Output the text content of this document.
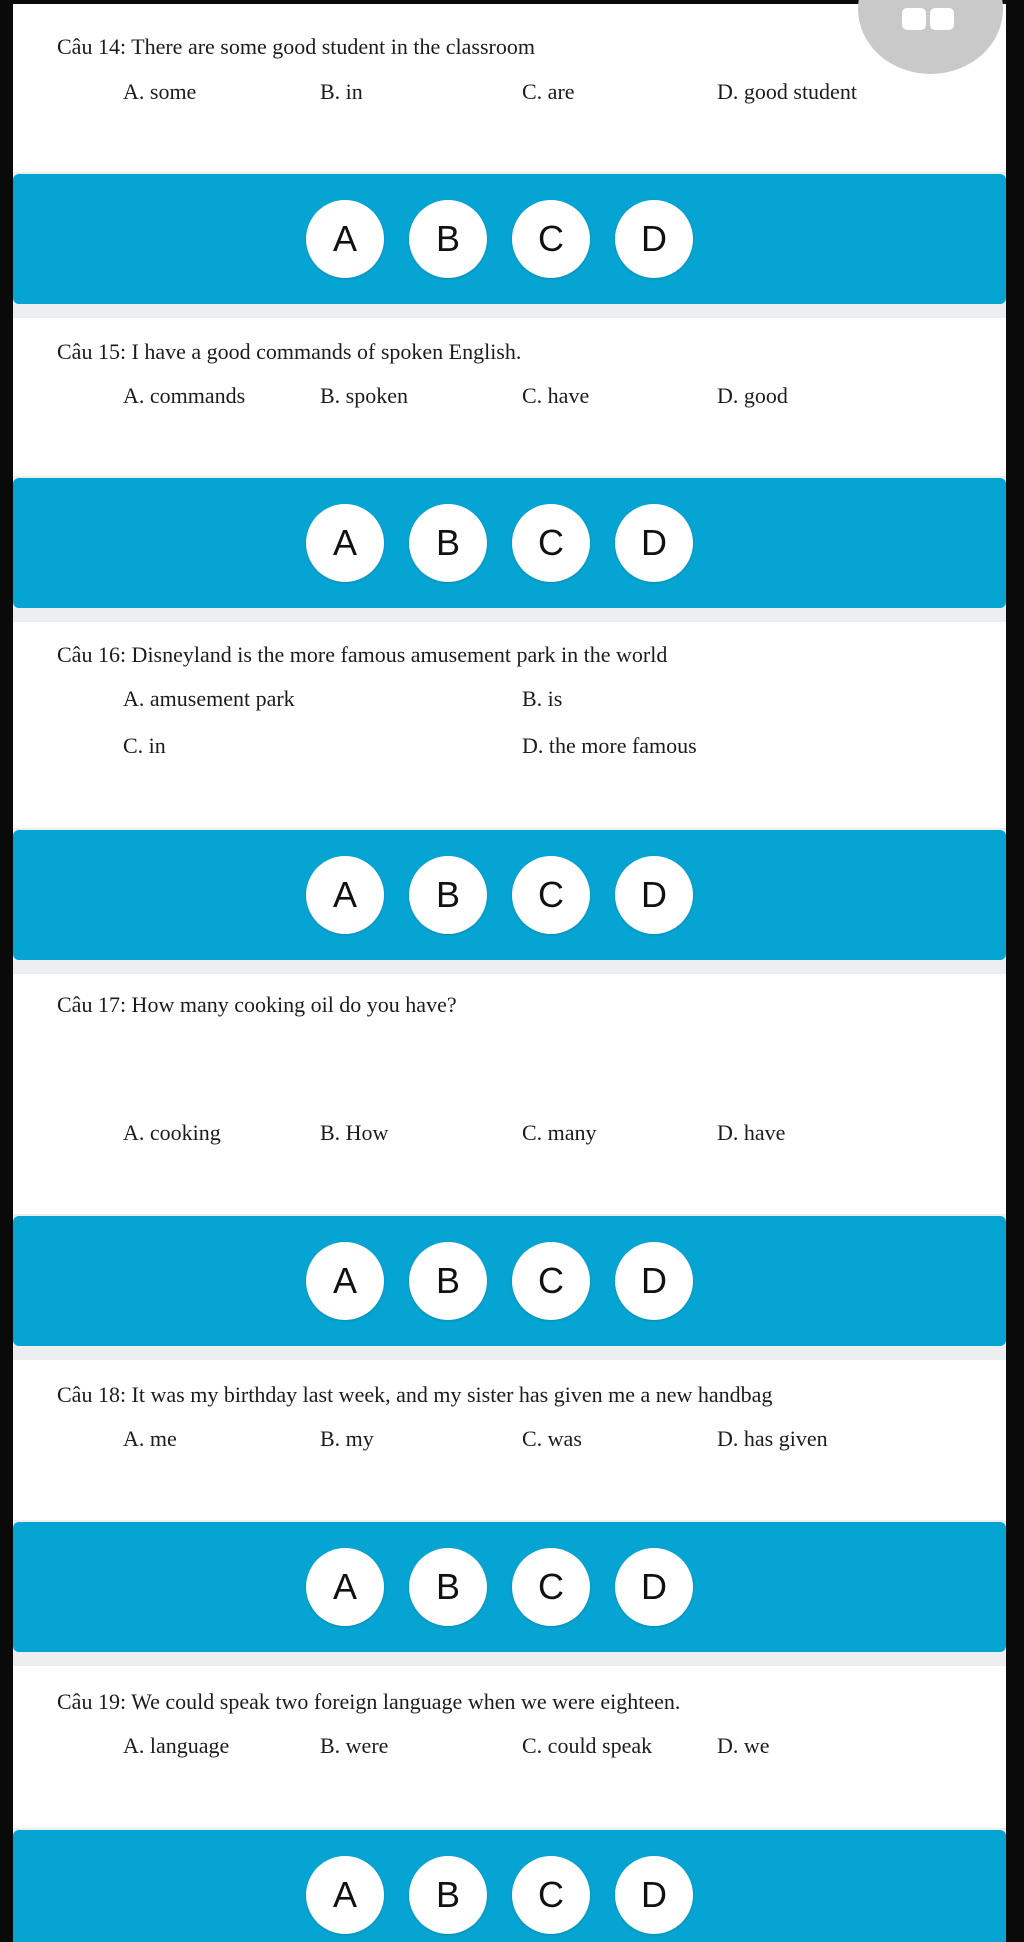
Câu 14: There are some good student in the classroom
A. some	B. in	C. are	D. good student
A	B	C	D
Câu 15: I have a good commands of spoken English.
A. commands	B. spoken	C. have	D. good
A	B	C	D
Câu 16: Disneyland is the more famous amusement park in the world
A. amusement park	B. is
C. in	D. the more famous
A	B	C	D
Câu 17: How many cooking oil do you have?
A. cooking	B. How	C. many	D. have
A	B	C	D
Câu 18: It was my birthday last week, and my sister has given me a new handbag
A. me	B. my	C. was	D. has given
A	B	C	D
Câu 19: We could speak two foreign language when we were eighteen.
A. language	B. were	C. could speak	D. we
A	B	C	D
